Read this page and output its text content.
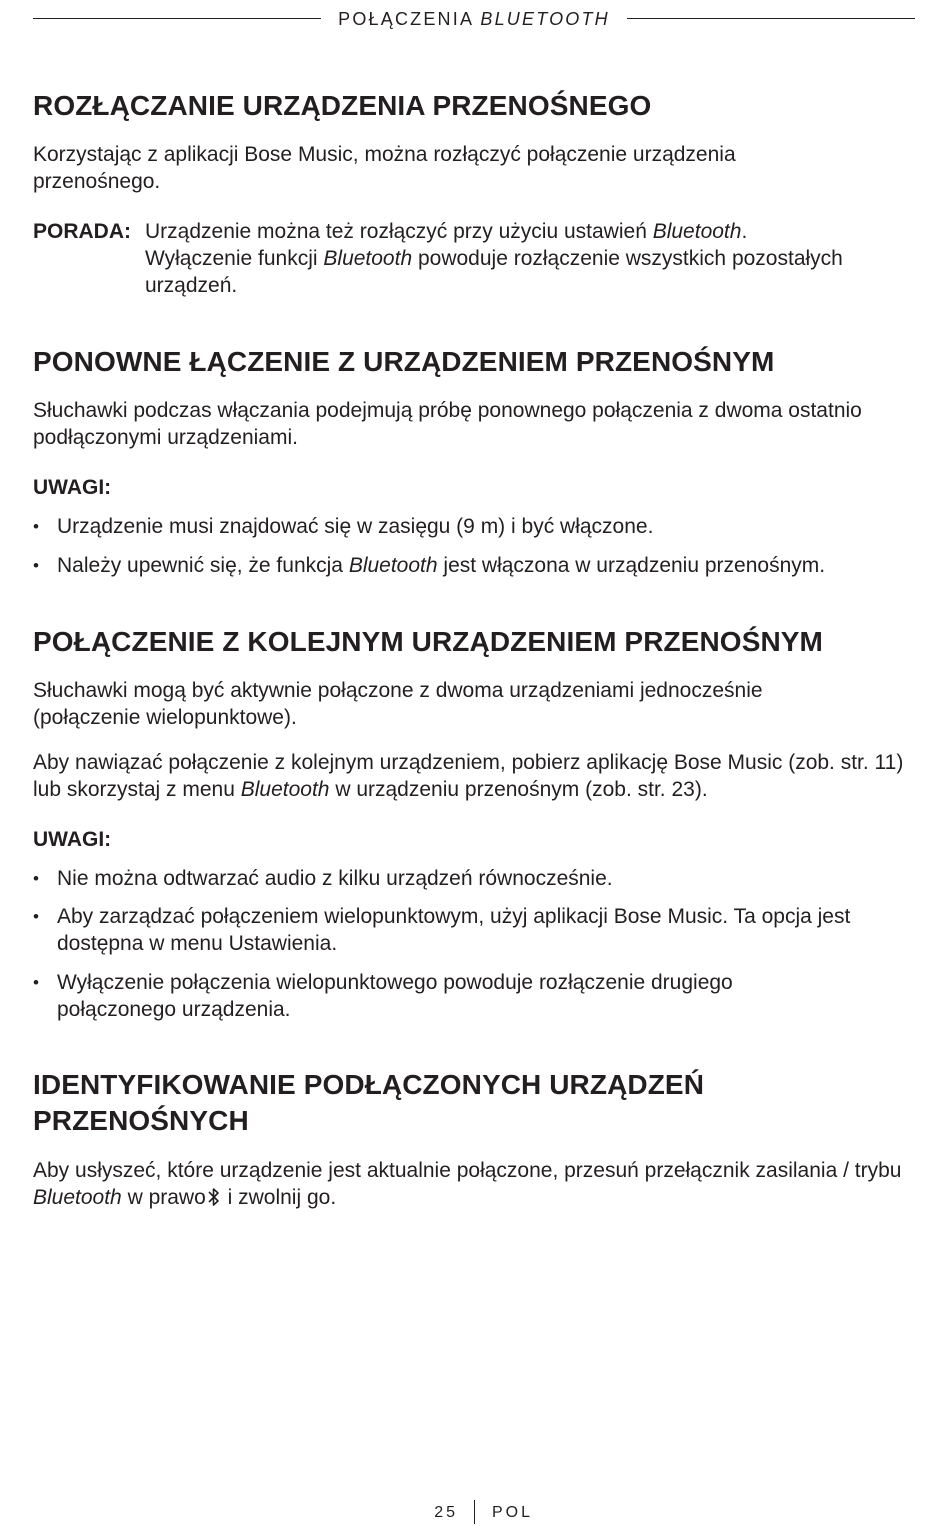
POŁĄCZENIA BLUETOOTH
ROZŁĄCZANIE URZĄDZENIA PRZENOŚNEGO

Korzystając z aplikacji Bose Music, można rozłączyć połączenie urządzenia przenośnego.

PORADA: Urządzenie można też rozłączyć przy użyciu ustawień Bluetooth. Wyłączenie funkcji Bluetooth powoduje rozłączenie wszystkich pozostałych urządzeń.
PONOWNE ŁĄCZENIE Z URZĄDZENIEM PRZENOŚNYM

Słuchawki podczas włączania podejmują próbę ponownego połączenia z dwoma ostatnio podłączonymi urządzeniami.

UWAGI:

• Urządzenie musi znajdować się w zasięgu (9 m) i być włączone.
• Należy upewnić się, że funkcja Bluetooth jest włączona w urządzeniu przenośnym.
POŁĄCZENIE Z KOLEJNYM URZĄDZENIEM PRZENOŚNYM

Słuchawki mogą być aktywnie połączone z dwoma urządzeniami jednocześnie (połączenie wielopunktowe).

Aby nawiązać połączenie z kolejnym urządzeniem, pobierz aplikację Bose Music (zob. str. 11) lub skorzystaj z menu Bluetooth w urządzeniu przenośnym (zob. str. 23).

UWAGI:

• Nie można odtwarzać audio z kilku urządzeń równocześnie.
• Aby zarządzać połączeniem wielopunktowym, użyj aplikacji Bose Music. Ta opcja jest dostępna w menu Ustawienia.
• Wyłączenie połączenia wielopunktowego powoduje rozłączenie drugiego połączonego urządzenia.
IDENTYFIKOWANIE PODŁĄCZONYCH URZĄDZEŃ PRZENOŚNYCH

Aby usłyszeć, które urządzenie jest aktualnie połączone, przesuń przełącznik zasilania / trybu Bluetooth w prawo i zwolnij go.

25 POL
